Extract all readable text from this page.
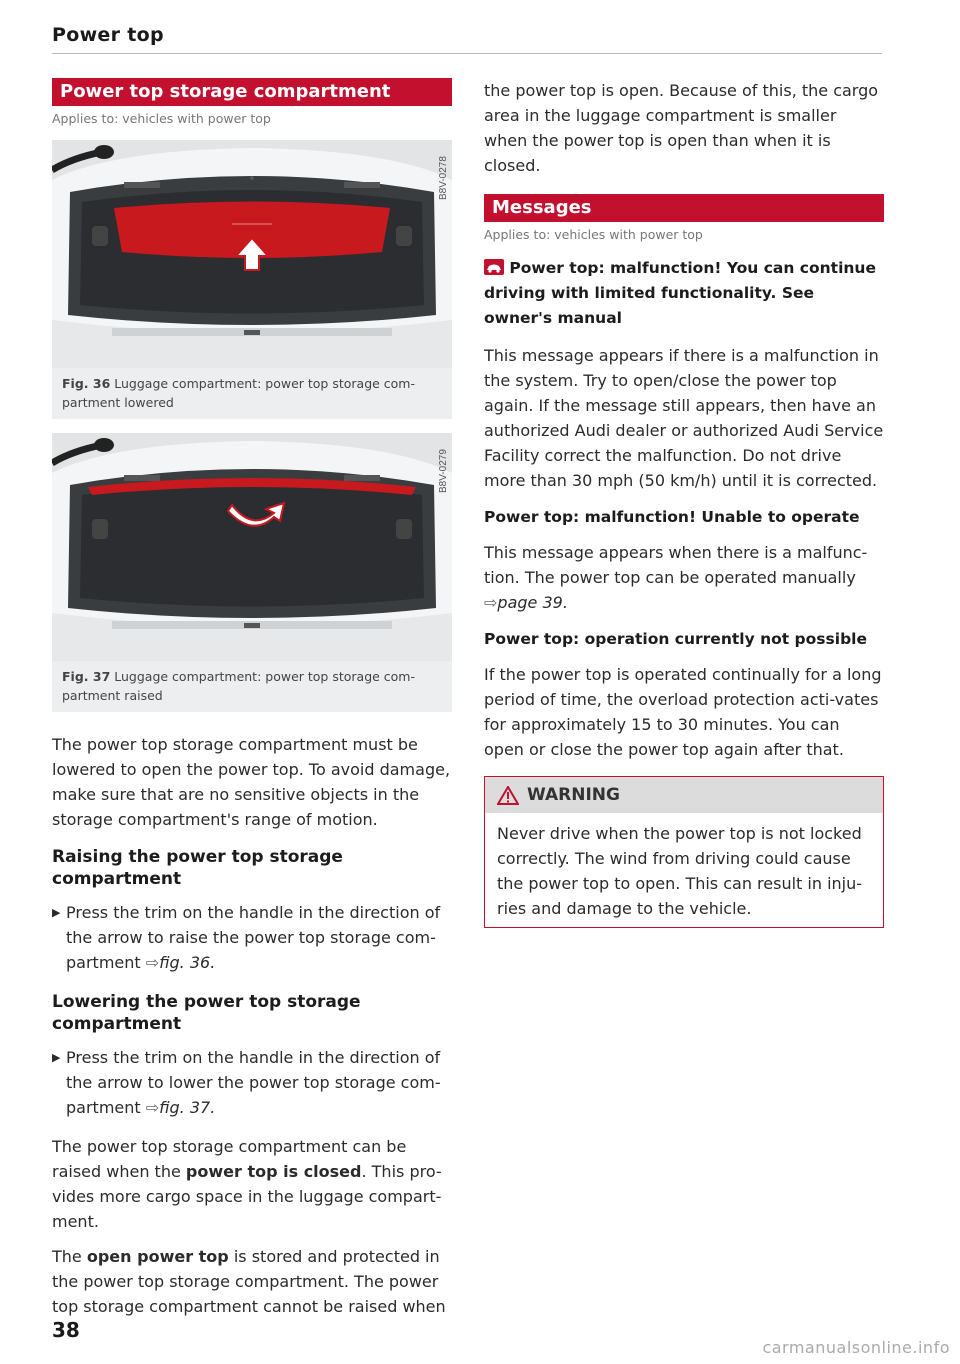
Power top
Power top storage compartment
Applies to: vehicles with power top
B8V-0278
Fig. 36 Luggage compartment: power top storage com-partment lowered
B8V-0279
Fig. 37 Luggage compartment: power top storage com-partment raised

The power top storage compartment must be lowered to open the power top. To avoid damage, make sure that are no sensitive objects in the storage compartment's range of motion.

Raising the power top storage compartment
▶ Press the trim on the handle in the direction of the arrow to raise the power top storage com-partment ⇨fig. 36.
Lowering the power top storage compartment
▶ Press the trim on the handle in the direction of the arrow to lower the power top storage com-partment ⇨fig. 37.

The power top storage compartment can be raised when the power top is closed. This pro-vides more cargo space in the luggage compart-ment.

The open power top is stored and protected in the power top storage compartment. The power top storage compartment cannot be raised when

the power top is open. Because of this, the cargo area in the luggage compartment is smaller when the power top is open than when it is closed.

Messages
Applies to: vehicles with power top
Power top: malfunction! You can continue driving with limited functionality. See owner's manual

This message appears if there is a malfunction in the system. Try to open/close the power top again. If the message still appears, then have an authorized Audi dealer or authorized Audi Service Facility correct the malfunction. Do not drive more than 30 mph (50 km/h) until it is corrected.

Power top: malfunction! Unable to operate

This message appears when there is a malfunc-tion. The power top can be operated manually ⇨page 39.

Power top: operation currently not possible

If the power top is operated continually for a long period of time, the overload protection acti-vates for approximately 15 to 30 minutes. You can open or close the power top again after that.

WARNING

Never drive when the power top is not locked correctly. The wind from driving could cause the power top to open. This can result in inju-ries and damage to the vehicle.

38
carmanualsonline.info
